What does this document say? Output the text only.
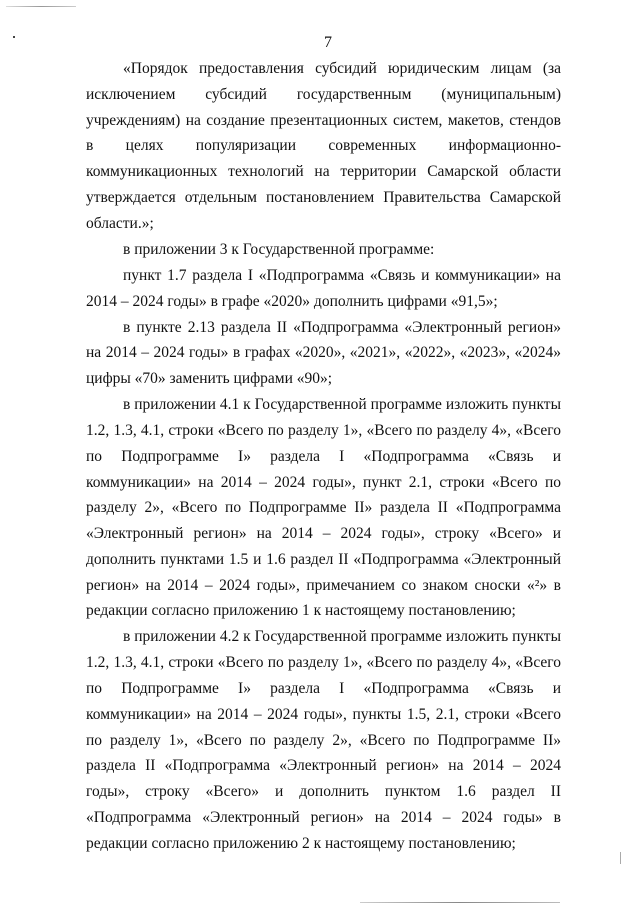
7

«Порядок предоставления субсидий юридическим лицам (за исключением субсидий государственным (муниципальным) учреждениям) на создание презентационных систем, макетов, стендов в целях популяризации современных информационно-коммуникационных технологий на территории Самарской области утверждается отдельным постановлением Правительства Самарской области.»;

в приложении 3 к Государственной программе:

пункт 1.7 раздела I «Подпрограмма «Связь и коммуникации» на 2014 – 2024 годы» в графе «2020» дополнить цифрами «91,5»;

в пункте 2.13 раздела II «Подпрограмма «Электронный регион» на 2014 – 2024 годы» в графах «2020», «2021», «2022», «2023», «2024» цифры «70» заменить цифрами «90»;

в приложении 4.1 к Государственной программе изложить пункты 1.2, 1.3, 4.1, строки «Всего по разделу 1», «Всего по разделу 4», «Всего по Подпрограмме I» раздела I «Подпрограмма «Связь и коммуникации» на 2014 – 2024 годы», пункт 2.1, строки «Всего по разделу 2», «Всего по Подпрограмме II» раздела II «Подпрограмма «Электронный регион» на 2014 – 2024 годы», строку «Всего» и дополнить пунктами 1.5 и 1.6 раздел II «Подпрограмма «Электронный регион» на 2014 – 2024 годы», примечанием со знаком сноски «²» в редакции согласно приложению 1 к настоящему постановлению;

в приложении 4.2 к Государственной программе изложить пункты 1.2, 1.3, 4.1, строки «Всего по разделу 1», «Всего по разделу 4», «Всего по Подпрограмме I» раздела I «Подпрограмма «Связь и коммуникации» на 2014 – 2024 годы», пункты 1.5, 2.1, строки «Всего по разделу 1», «Всего по разделу 2», «Всего по Подпрограмме II» раздела II «Подпрограмма «Электронный регион» на 2014 – 2024 годы», строку «Всего» и дополнить пунктом 1.6 раздел II «Подпрограмма «Электронный регион» на 2014 – 2024 годы» в редакции согласно приложению 2 к настоящему постановлению;
